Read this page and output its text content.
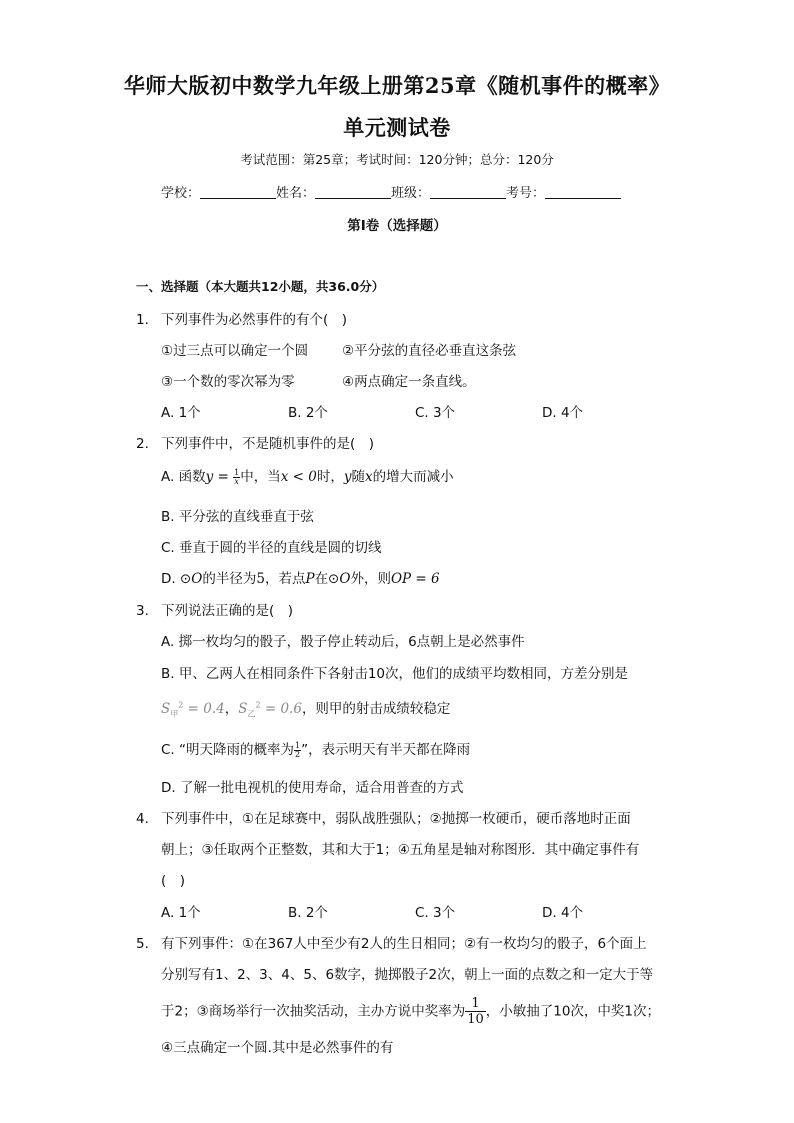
华师大版初中数学九年级上册第25章《随机事件的概率》
单元测试卷
考试范围：第25章；考试时间：120分钟；总分：120分
学校：	姓名：	班级：	考号：
第I卷（选择题）
一、选择题（本大题共12小题，共36.0分）
1. 下列事件为必然事件的有个(　)
①过三点可以确定一个圆	②平分弦的直径必垂直这条弦
③一个数的零次幂为零	④两点确定一条直线。
A. 1个	B. 2个	C. 3个	D. 4个
2. 下列事件中，不是随机事件的是(　)
A. 函数$y = \frac{1}{x}$ 中，当x < 0时，y随x的增大而减小
B. 平分弦的直线垂直于弦
C. 垂直于圆的半径的直线是圆的切线
D. ⊙O的半径为5，若点P在⊙O外，则OP = 6
3. 下列说法正确的是(　)
A. 掷一枚均匀的骰子，骰子停止转动后，6点朝上是必然事件
B. 甲、乙两人在相同条件下各射击10次，他们的成绩平均数相同，方差分别是
$S_甲^2 = 0.4$，$S_乙^2 = 0.6$，则甲的射击成绩较稳定
C. “明天降雨的概率为 $\frac{1}{2}$ ”，表示明天有半天都在降雨
D. 了解一批电视机的使用寿命，适合用普查的方式
4. 下列事件中，①在足球赛中，弱队战胜强队；②抛掷一枚硬币，硬币落地时正面
朝上；③任取两个正整数，其和大于1；④五角星是轴对称图形．其中确定事件有
(　)
A. 1个	B. 2个	C. 3个	D. 4个
5. 有下列事件：①在367人中至少有2人的生日相同；②有一枚均匀的骰子，6个面上
分别写有1、2、3、4、5、6数字，抛掷骰子2次，朝上一面的点数之和一定大于等
于2；③商场举行一次抽奖活动，主办方说中奖率为 $\frac{1}{10}$ ，小敏抽了10次，中奖1次；
④三点确定一个圆.其中是必然事件的有
